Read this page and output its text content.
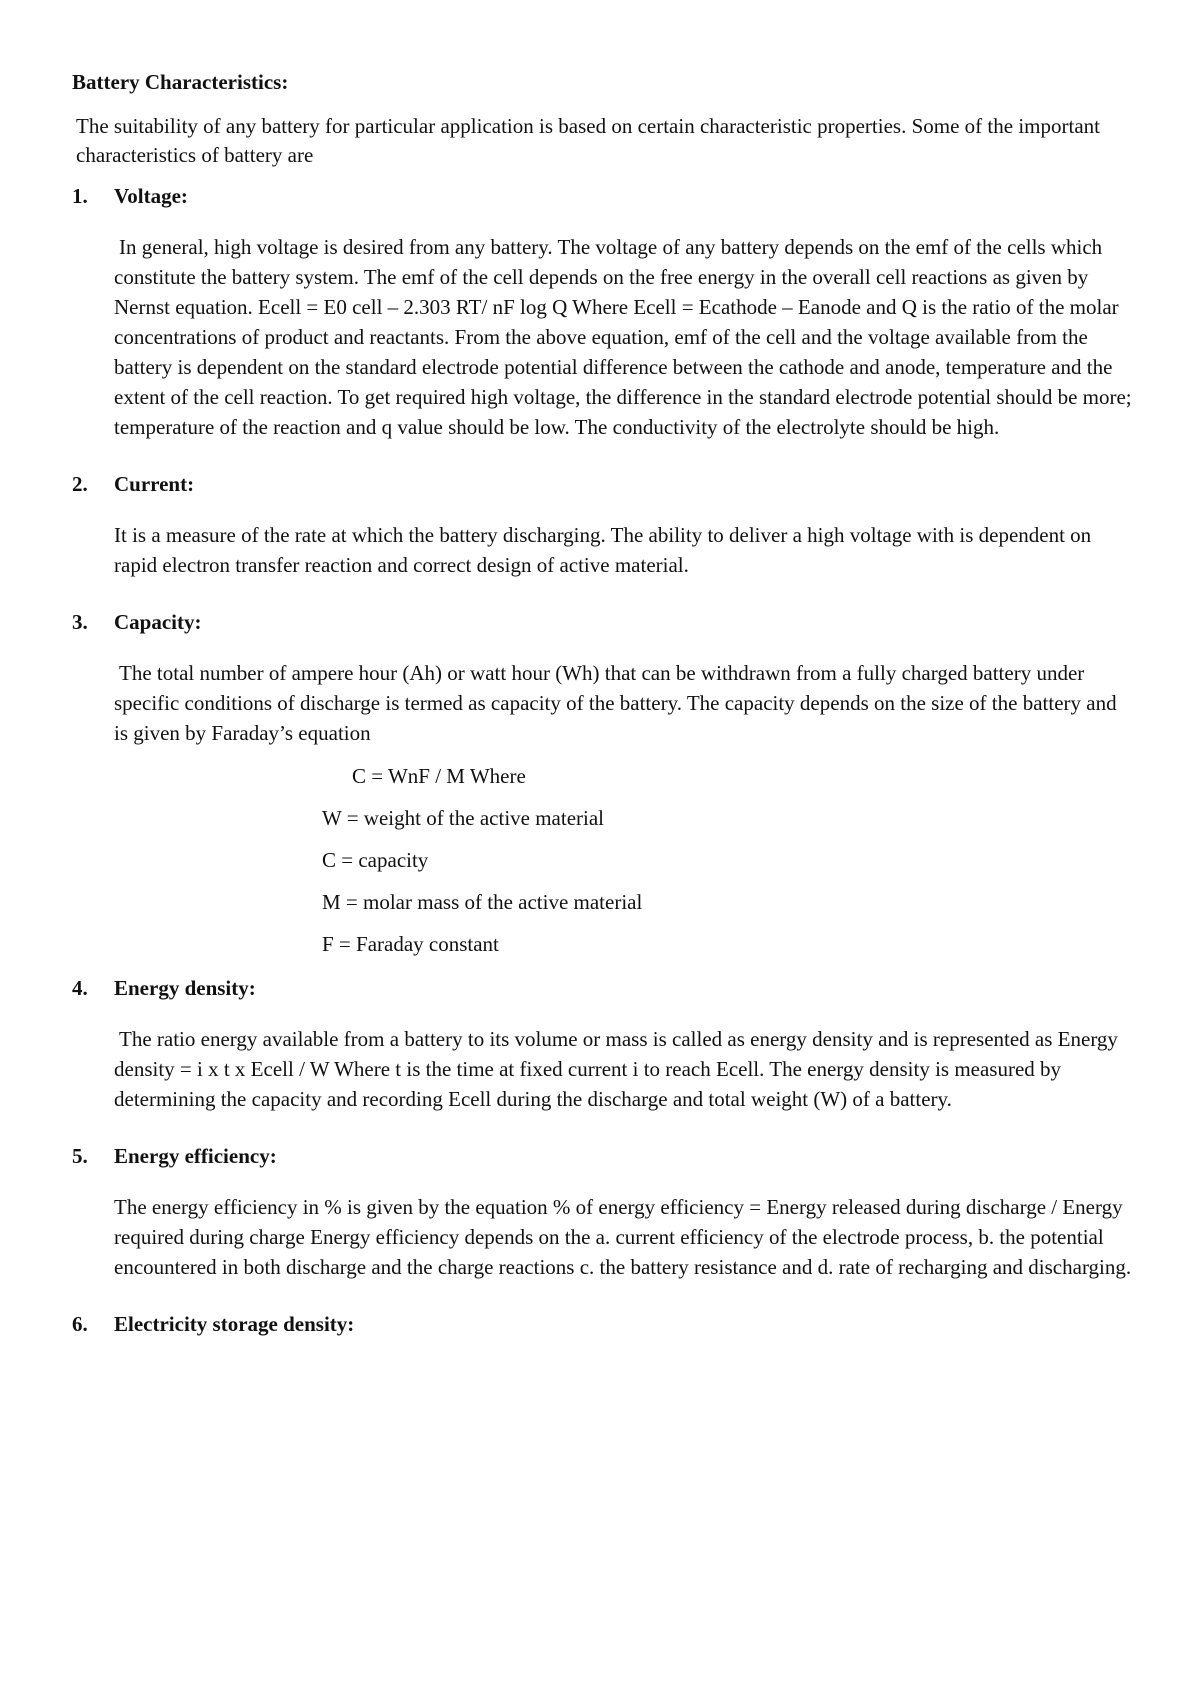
Battery Characteristics:
The suitability of any battery for particular application is based on certain characteristic properties. Some of the important characteristics of battery are
1.	Voltage:
In general, high voltage is desired from any battery. The voltage of any battery depends on the emf of the cells which constitute the battery system. The emf of the cell depends on the free energy in the overall cell reactions as given by Nernst equation. Ecell = E0 cell – 2.303 RT/ nF log Q Where Ecell = Ecathode – Eanode and Q is the ratio of the molar concentrations of product and reactants. From the above equation, emf of the cell and the voltage available from the battery is dependent on the standard electrode potential difference between the cathode and anode, temperature and the extent of the cell reaction. To get required high voltage, the difference in the standard electrode potential should be more; temperature of the reaction and q value should be low. The conductivity of the electrolyte should be high.
2.	Current:
It is a measure of the rate at which the battery discharging. The ability to deliver a high voltage with is dependent on rapid electron transfer reaction and correct design of active material.
3.	Capacity:
The total number of ampere hour (Ah) or watt hour (Wh) that can be withdrawn from a fully charged battery under specific conditions of discharge is termed as capacity of the battery. The capacity depends on the size of the battery and is given by Faraday’s equation
C = WnF / M Where
W = weight of the active material
C = capacity
M = molar mass of the active material
F = Faraday constant
4.	Energy density:
The ratio energy available from a battery to its volume or mass is called as energy density and is represented as Energy density = i x t x Ecell / W Where t is the time at fixed current i to reach Ecell. The energy density is measured by determining the capacity and recording Ecell during the discharge and total weight (W) of a battery.
5.	Energy efficiency:
The energy efficiency in % is given by the equation % of energy efficiency = Energy released during discharge / Energy required during charge Energy efficiency depends on the a. current efficiency of the electrode process, b. the potential encountered in both discharge and the charge reactions c. the battery resistance and d. rate of recharging and discharging.
6.	Electricity storage density:
